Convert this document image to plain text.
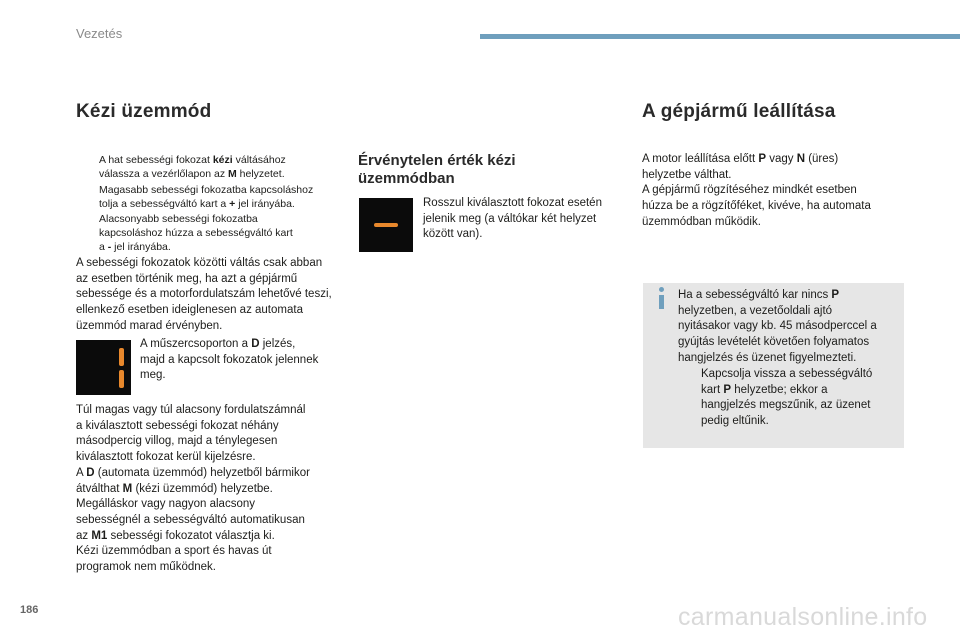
Vezetés
Kézi üzemmód
A hat sebességi fokozat kézi váltásához
válassza a vezérlőlapon az M helyzetet.
Magasabb sebességi fokozatba kapcsoláshoz
tolja a sebességváltó kart a + jel irányába.
Alacsonyabb sebességi fokozatba
kapcsoláshoz húzza a sebességváltó kart
a - jel irányába.
A sebességi fokozatok közötti váltás csak abban
az esetben történik meg, ha azt a gépjármű
sebessége és a motorfordulatszám lehetővé teszi,
ellenkező esetben ideiglenesen az automata
üzemmód marad érvényben.
A műszercsoporton a D jelzés,
majd a kapcsolt fokozatok jelennek
meg.
Túl magas vagy túl alacsony fordulatszámnál
a kiválasztott sebességi fokozat néhány
másodpercig villog, majd a ténylegesen
kiválasztott fokozat kerül kijelzésre.
A D (automata üzemmód) helyzetből bármikor
átválthat M (kézi üzemmód) helyzetbe.
Megálláskor vagy nagyon alacsony
sebességnél a sebességváltó automatikusan
az M1 sebességi fokozatot választja ki.
Kézi üzemmódban a sport és havas út
programok nem működnek.
Érvénytelen érték kézi
üzemmódban
Rosszul kiválasztott fokozat esetén
jelenik meg (a váltókar két helyzet
között van).
A gépjármű leállítása
A motor leállítása előtt P vagy N (üres)
helyzetbe válthat.
A gépjármű rögzítéséhez mindkét esetben
húzza be a rögzítőféket, kivéve, ha automata
üzemmódban működik.
Ha a sebességváltó kar nincs P
helyzetben, a vezetőoldali ajtó
nyitásakor vagy kb. 45 másodperccel a
gyújtás levételét követően folyamatos
hangjelzés és üzenet figyelmezteti.
Kapcsolja vissza a sebességváltó
kart P helyzetbe; ekkor a
hangjelzés megszűnik, az üzenet
pedig eltűnik.
186	carmanualsonline.info
